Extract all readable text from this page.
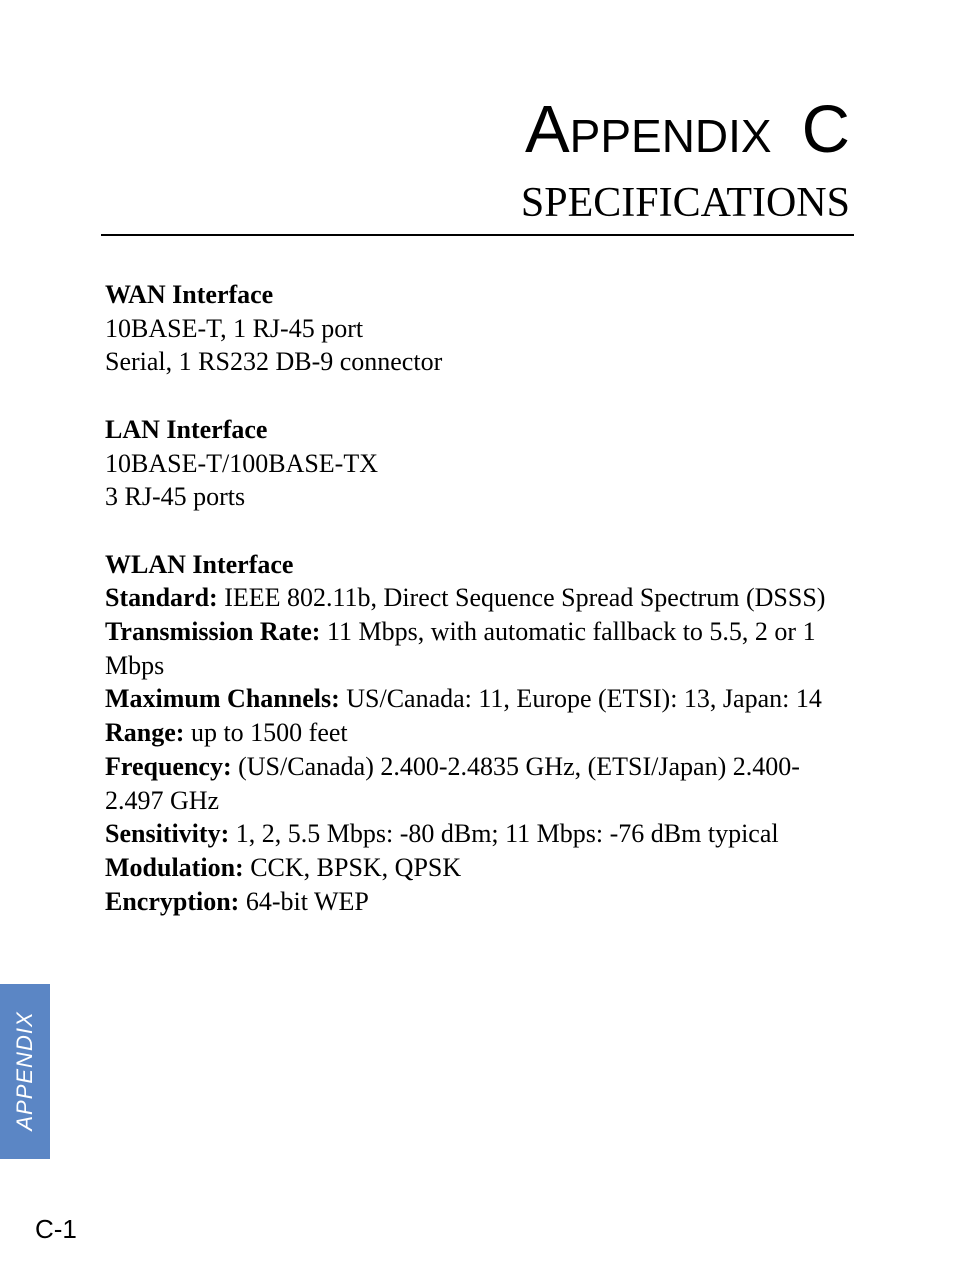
APPENDIX C
SPECIFICATIONS
WAN Interface
10BASE-T, 1 RJ-45 port
Serial, 1 RS232 DB-9 connector
LAN Interface
10BASE-T/100BASE-TX
3 RJ-45 ports
WLAN Interface
Standard: IEEE 802.11b, Direct Sequence Spread Spectrum (DSSS)
Transmission Rate: 11 Mbps, with automatic fallback to 5.5, 2 or 1 Mbps
Maximum Channels: US/Canada: 11, Europe (ETSI): 13, Japan: 14
Range: up to 1500 feet
Frequency: (US/Canada) 2.400-2.4835 GHz, (ETSI/Japan) 2.400-2.497 GHz
Sensitivity: 1, 2, 5.5 Mbps: -80 dBm; 11 Mbps: -76 dBm typical
Modulation: CCK, BPSK, QPSK
Encryption: 64-bit WEP
APPENDIX
C-1
